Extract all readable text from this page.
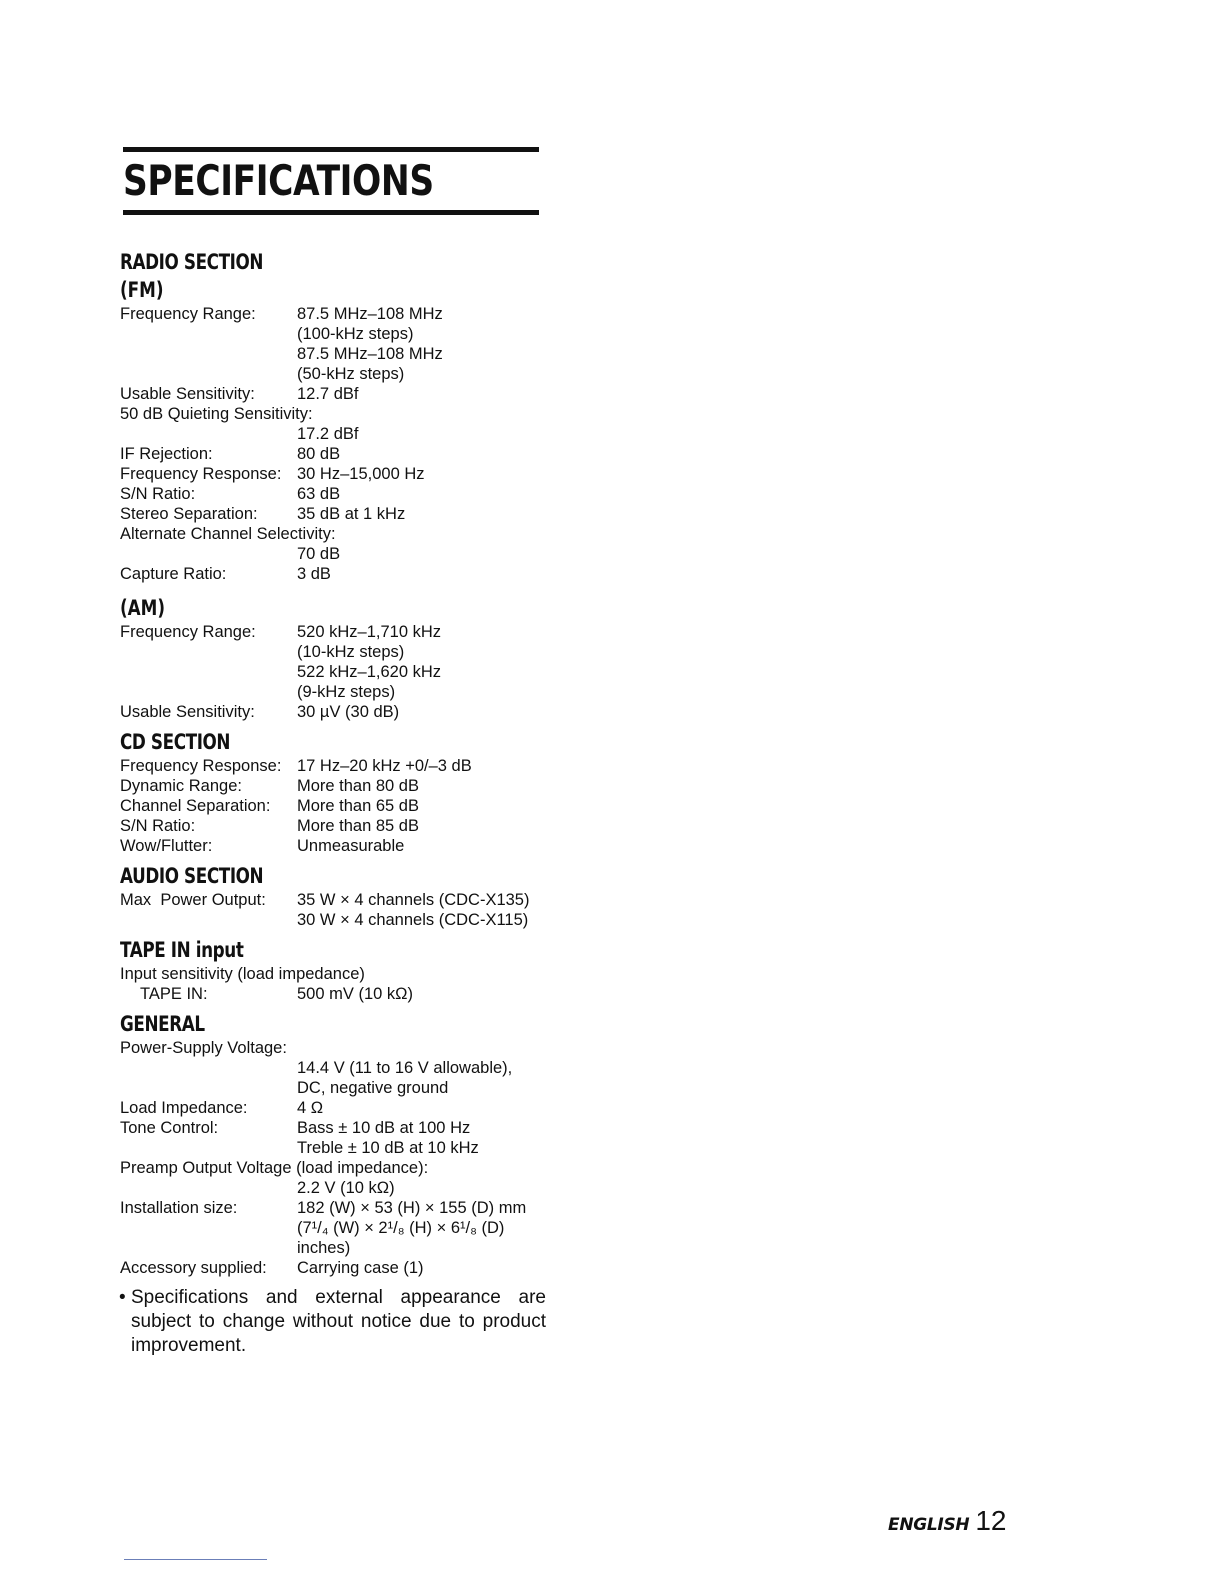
SPECIFICATIONS
RADIO SECTION
(FM)
Frequency Range:	87.5 MHz–108 MHz
(100-kHz steps)
87.5 MHz–108 MHz
(50-kHz steps)
Usable Sensitivity:	12.7 dBf
50 dB Quieting Sensitivity:
17.2 dBf
IF Rejection:	80 dB
Frequency Response: 30 Hz–15,000 Hz
S/N Ratio:	63 dB
Stereo Separation:	35 dB at 1 kHz
Alternate Channel Selectivity:
70 dB
Capture Ratio:	3 dB
(AM)
Frequency Range:	520 kHz–1,710 kHz
(10-kHz steps)
522 kHz–1,620 kHz
(9-kHz steps)
Usable Sensitivity:	30 µV (30 dB)
CD SECTION
Frequency Response: 17 Hz–20 kHz +0/–3 dB
Dynamic Range:	More than 80 dB
Channel Separation:	More than 65 dB
S/N Ratio:	More than 85 dB
Wow/Flutter:	Unmeasurable
AUDIO SECTION
Max  Power Output:	35 W × 4 channels (CDC-X135)
30 W × 4 channels (CDC-X115)
TAPE IN input
Input sensitivity (load impedance)
TAPE IN:	500 mV (10 kΩ)
GENERAL
Power-Supply Voltage:
14.4 V (11 to 16 V allowable),
DC, negative ground
Load Impedance:	4 Ω
Tone Control:	Bass ± 10 dB at 100 Hz
Treble ± 10 dB at 10 kHz
Preamp Output Voltage (load impedance):
2.2 V (10 kΩ)
Installation size:	182 (W) × 53 (H) × 155 (D) mm
(7¹/₄ (W) × 2¹/₈ (H) × 6¹/₈ (D)
inches)
Accessory supplied:	Carrying case (1)
• Specifications and external appearance are subject to change without notice due to product improvement.
ENGLISH 12
